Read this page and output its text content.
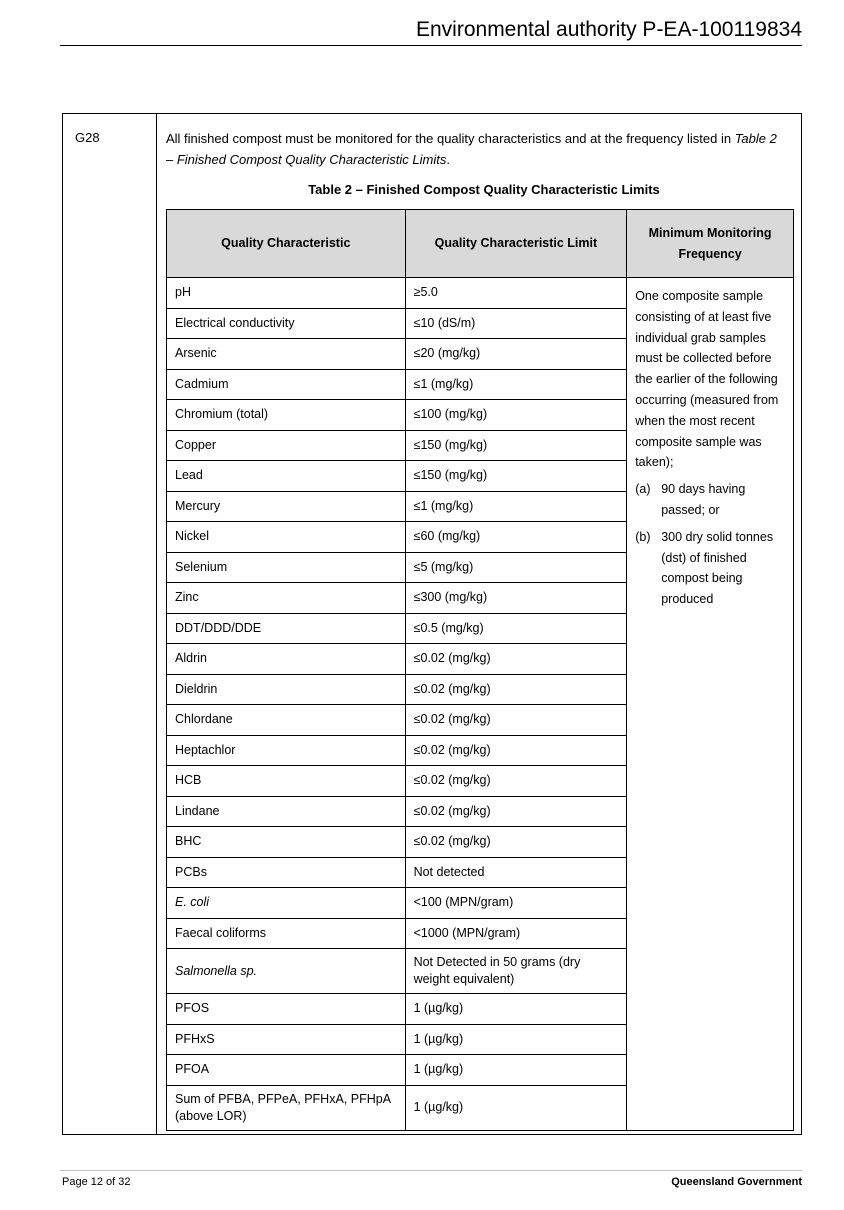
Environmental authority P-EA-100119834
G28	All finished compost must be monitored for the quality characteristics and at the frequency listed in Table 2 – Finished Compost Quality Characteristic Limits.
Table 2 – Finished Compost Quality Characteristic Limits
Quality Characteristic	Quality Characteristic Limit	Minimum Monitoring Frequency
pH	≥5.0	One composite sample consisting of at least five individual grab samples must be collected before the earlier of the following occurring (measured from when the most recent composite sample was taken);
(a) 90 days having passed; or
(b) 300 dry solid tonnes (dst) of finished compost being produced

Electrical conductivity	≤10 (dS/m)	
Arsenic	≤20 (mg/kg)	
Cadmium	≤1 (mg/kg)	
Chromium (total)	≤100 (mg/kg)	
Copper	≤150 (mg/kg)	
Lead	≤150 (mg/kg)	
Mercury	≤1 (mg/kg)	
Nickel	≤60 (mg/kg)	
Selenium	≤5 (mg/kg)	
Zinc	≤300 (mg/kg)	
DDT/DDD/DDE	≤0.5 (mg/kg)	
Aldrin	≤0.02 (mg/kg)	
Dieldrin	≤0.02 (mg/kg)	
Chlordane	≤0.02 (mg/kg)	
Heptachlor	≤0.02 (mg/kg)	
HCB	≤0.02 (mg/kg)	
Lindane	≤0.02 (mg/kg)	
BHC	≤0.02 (mg/kg)	
PCBs	Not detected	
E. coli	<100 (MPN/gram)	
Faecal coliforms	<1000 (MPN/gram)	
Salmonella sp.	Not Detected in 50 grams (dry weight equivalent)	
PFOS	1 (µg/kg)	
PFHxS	1 (µg/kg)	
PFOA	1 (µg/kg)	
Sum of PFBA, PFPeA, PFHxA, PFHpA (above LOR)	1 (µg/kg)	
Page 12 of 32	Queensland Government
